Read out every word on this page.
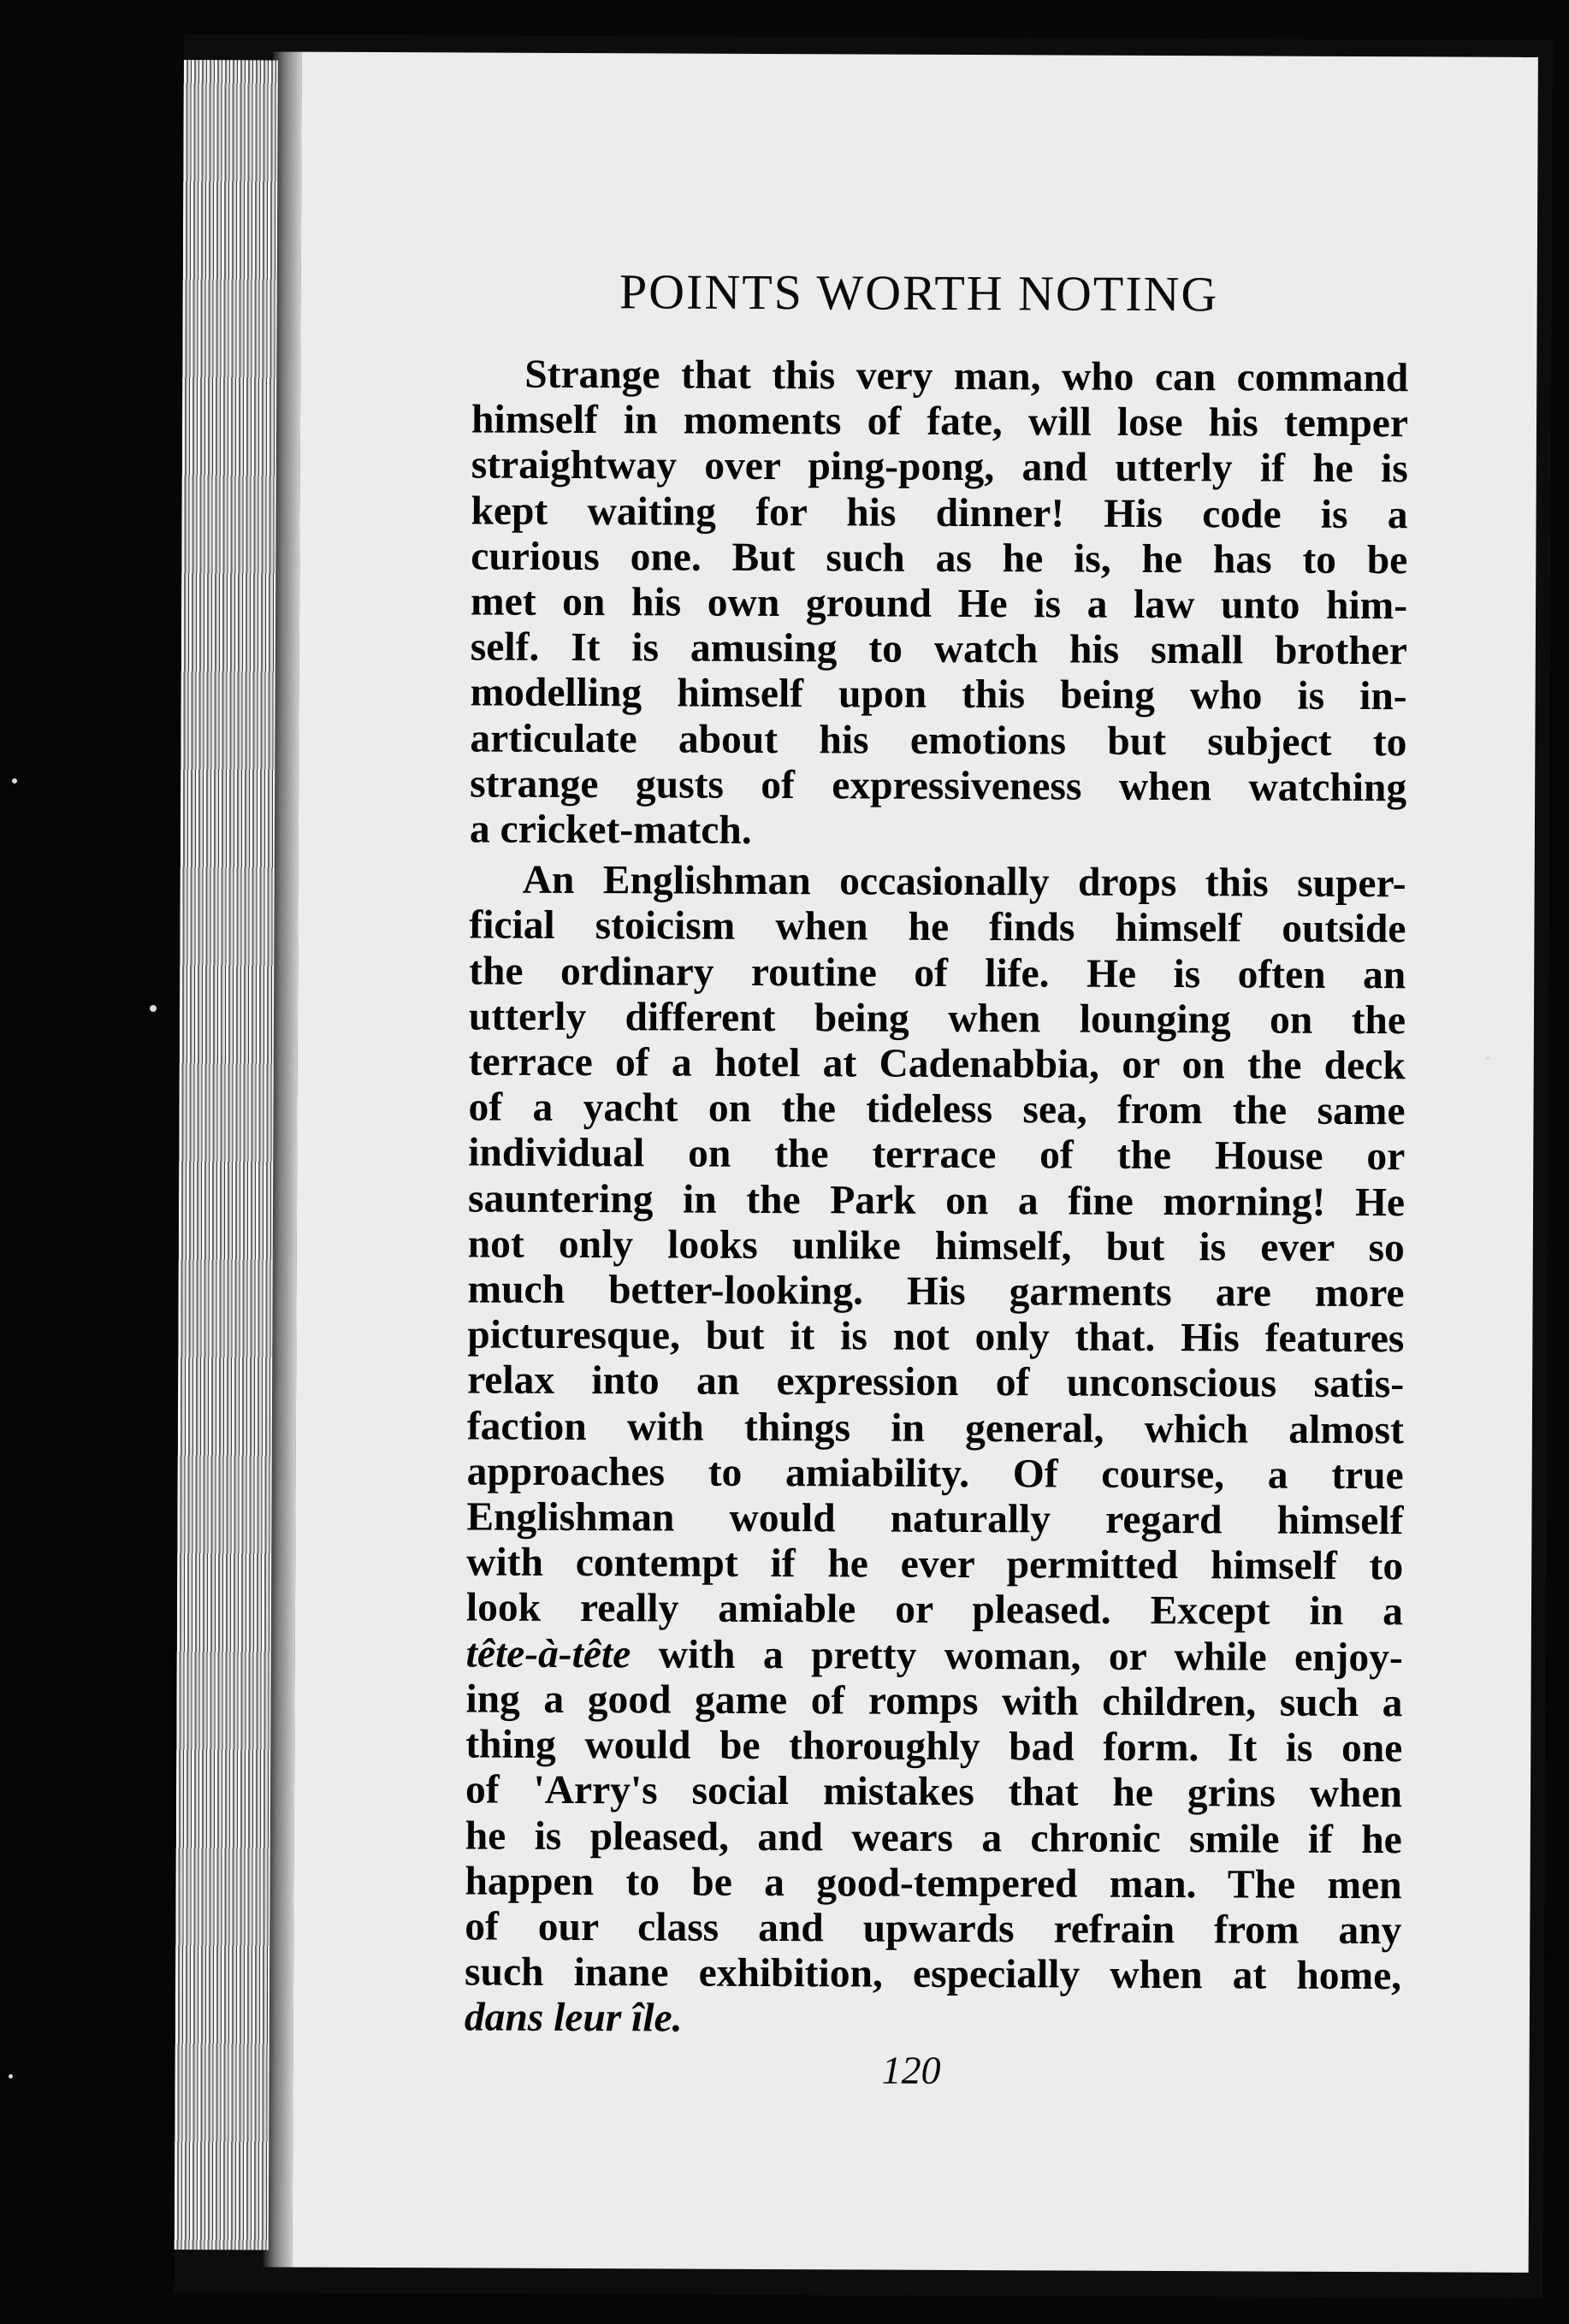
POINTS WORTH NOTING
Strange that this very man, who can command
himself in moments of fate, will lose his temper
straightway over ping-pong, and utterly if he is
kept waiting for his dinner! His code is a
curious one. But such as he is, he has to be
met on his own ground He is a law unto him-
self. It is amusing to watch his small brother
modelling himself upon this being who is in-
articulate about his emotions but subject to
strange gusts of expressiveness when watching
a cricket-match.
An Englishman occasionally drops this super-
ficial stoicism when he finds himself outside
the ordinary routine of life. He is often an
utterly different being when lounging on the
terrace of a hotel at Cadenabbia, or on the deck
of a yacht on the tideless sea, from the same
individual on the terrace of the House or
sauntering in the Park on a fine morning! He
not only looks unlike himself, but is ever so
much better-looking. His garments are more
picturesque, but it is not only that. His features
relax into an expression of unconscious satis-
faction with things in general, which almost
approaches to amiability. Of course, a true
Englishman would naturally regard himself
with contempt if he ever permitted himself to
look really amiable or pleased. Except in a
tête-à-tête with a pretty woman, or while enjoy-
ing a good game of romps with children, such a
thing would be thoroughly bad form. It is one
of 'Arry's social mistakes that he grins when
he is pleased, and wears a chronic smile if he
happen to be a good-tempered man. The men
of our class and upwards refrain from any
such inane exhibition, especially when at home,
dans leur île.
120
